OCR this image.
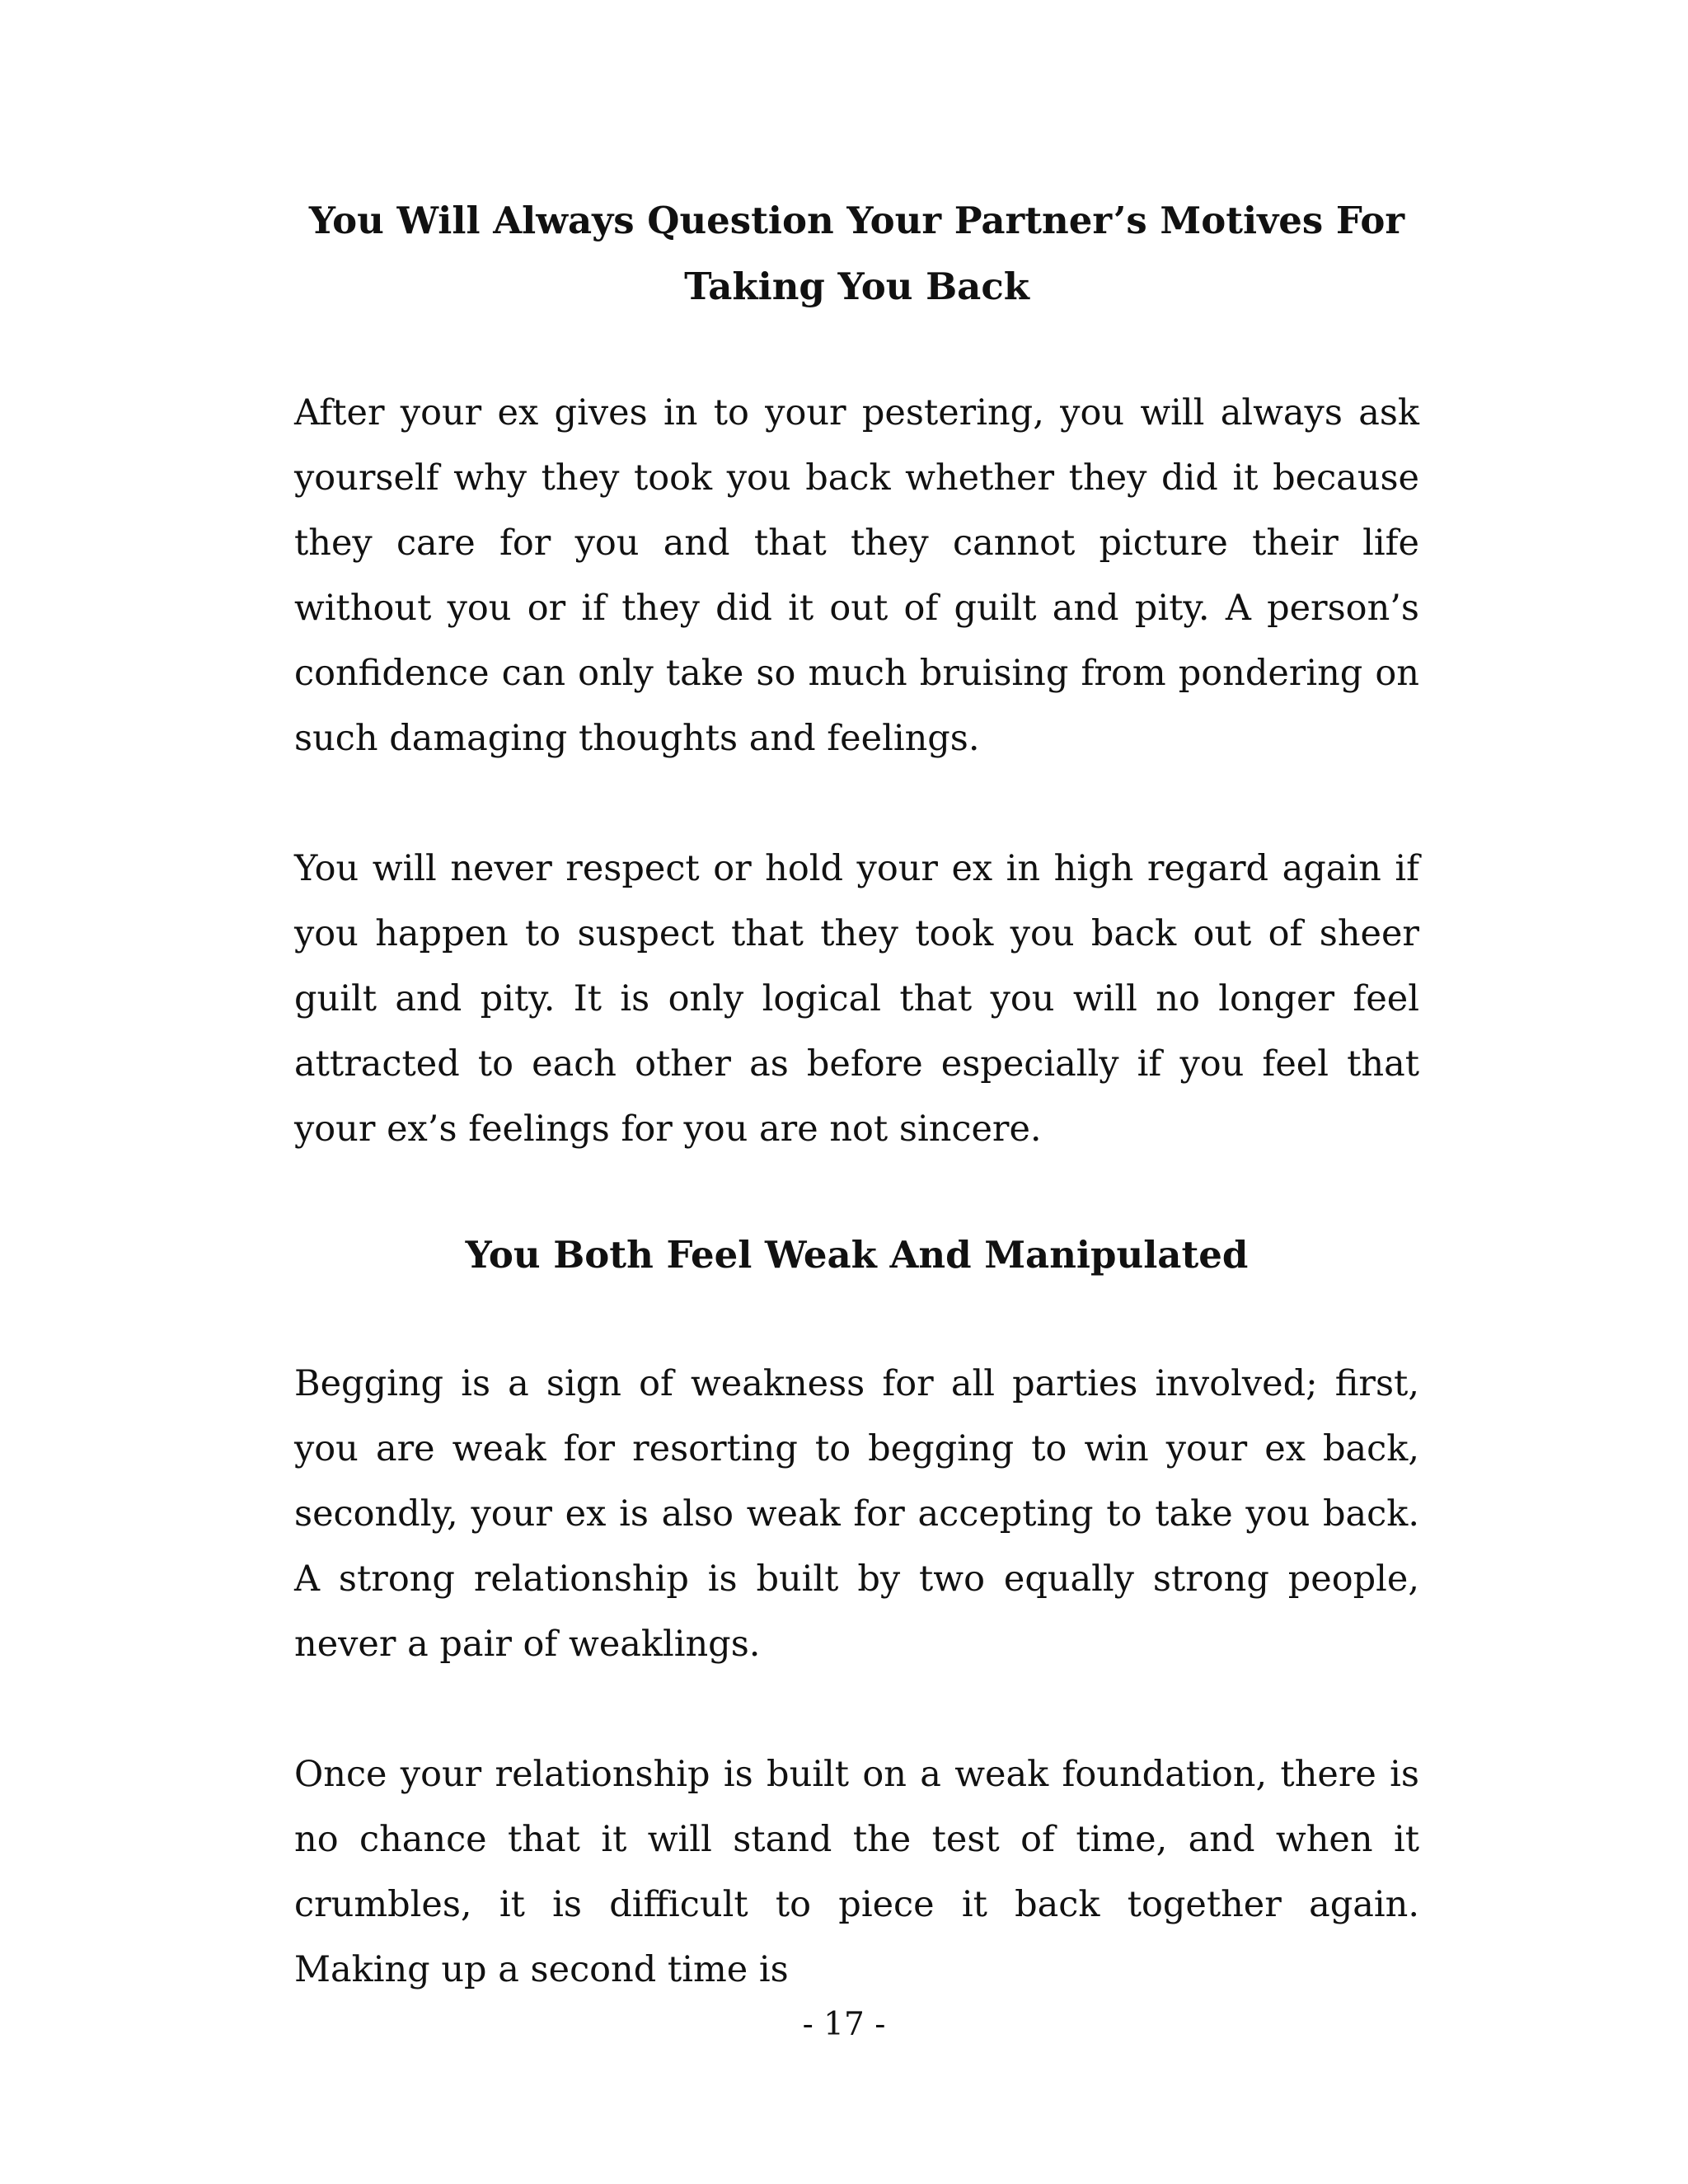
You Will Always Question Your Partner’s Motives For Taking You Back

After your ex gives in to your pestering, you will always ask yourself why they took you back whether they did it because they care for you and that they cannot picture their life without you or if they did it out of guilt and pity. A person’s confidence can only take so much bruising from pondering on such damaging thoughts and feelings.

You will never respect or hold your ex in high regard again if you happen to suspect that they took you back out of sheer guilt and pity. It is only logical that you will no longer feel attracted to each other as before especially if you feel that your ex’s feelings for you are not sincere.

You Both Feel Weak And Manipulated

Begging is a sign of weakness for all parties involved; first, you are weak for resorting to begging to win your ex back, secondly, your ex is also weak for accepting to take you back. A strong relationship is built by two equally strong people, never a pair of weaklings.

Once your relationship is built on a weak foundation, there is no chance that it will stand the test of time, and when it crumbles, it is difficult to piece it back together again. Making up a second time is

- 17 -
